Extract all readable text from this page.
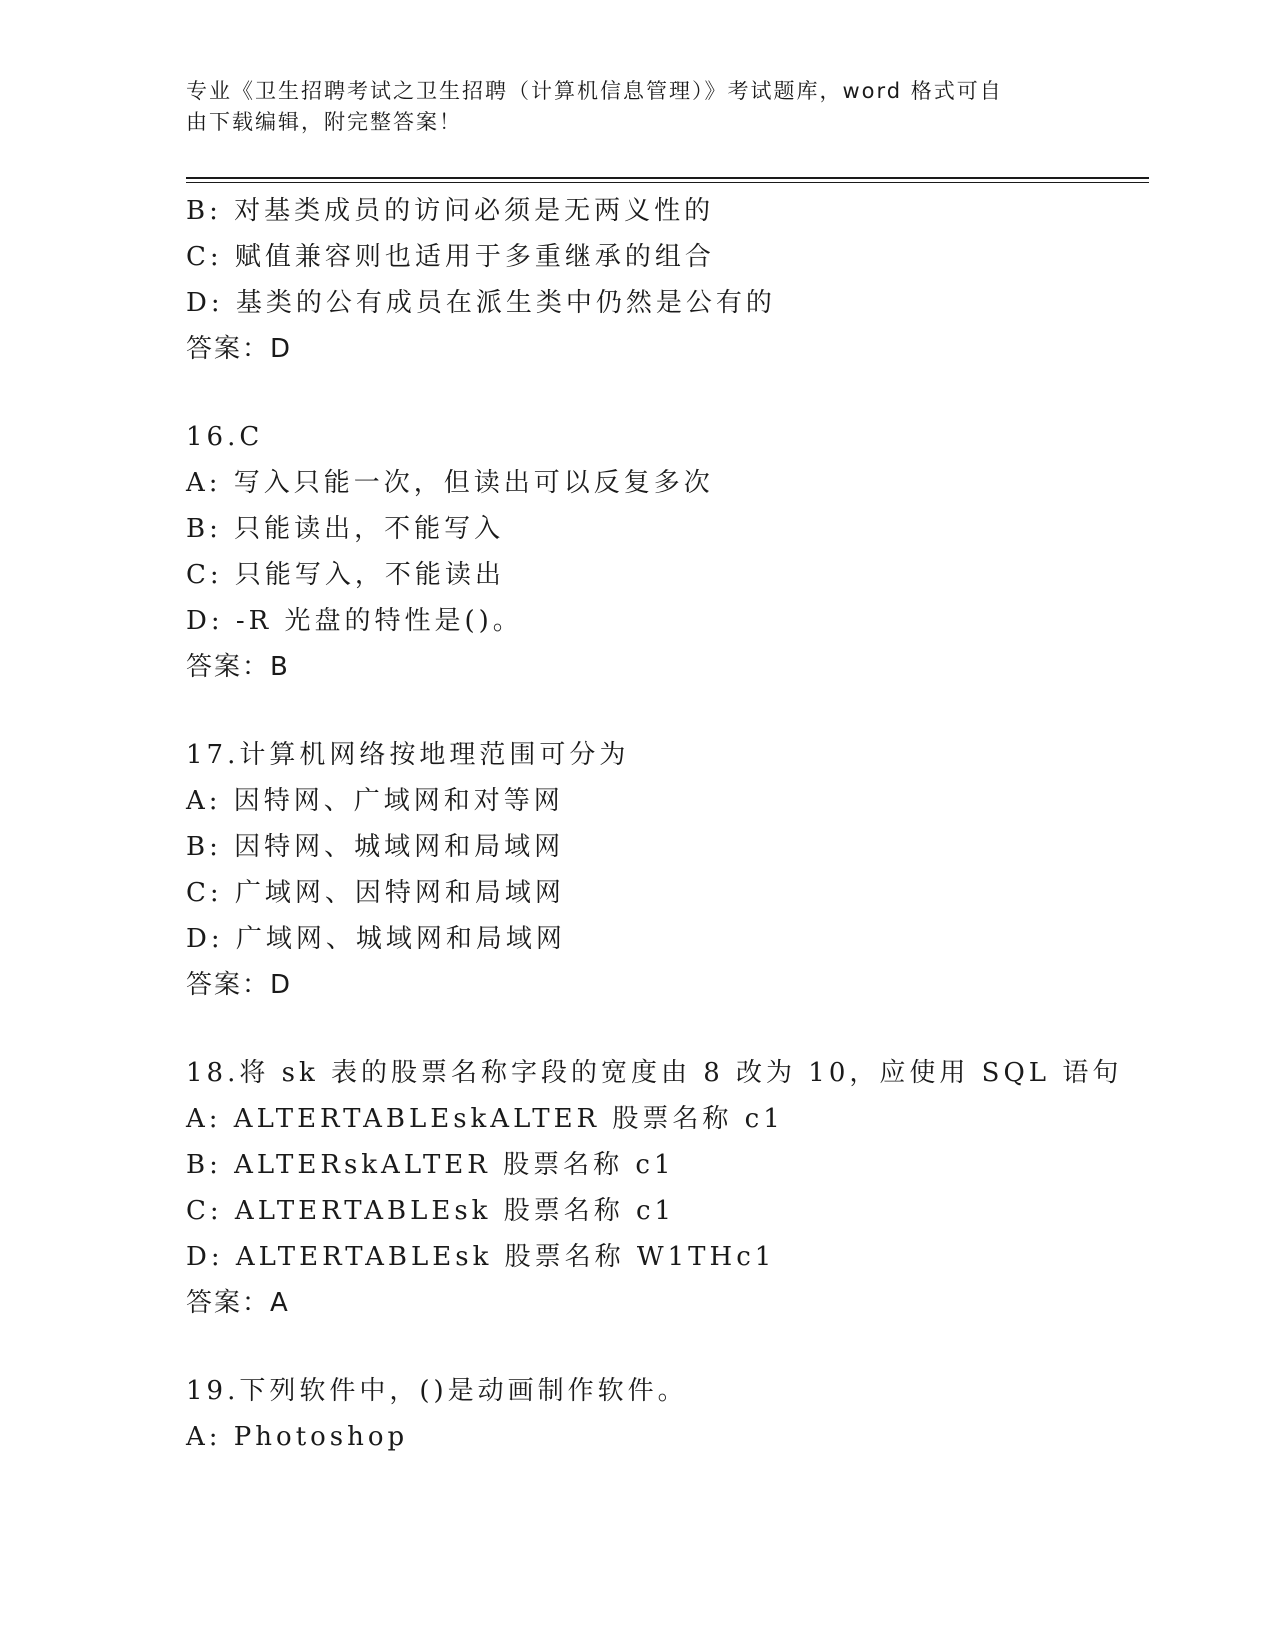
专业《卫生招聘考试之卫生招聘（计算机信息管理）》考试题库，word 格式可自
由下载编辑，附完整答案！
B: 对基类成员的访问必须是无两义性的
C: 赋值兼容则也适用于多重继承的组合
D: 基类的公有成员在派生类中仍然是公有的
答案：D
16.C
A: 写入只能一次，但读出可以反复多次
B: 只能读出，不能写入
C: 只能写入，不能读出
D: -R 光盘的特性是()。
答案：B
17.计算机网络按地理范围可分为
A: 因特网、广域网和对等网
B: 因特网、城域网和局域网
C: 广域网、因特网和局域网
D: 广域网、城域网和局域网
答案：D
18.将 sk 表的股票名称字段的宽度由 8 改为 10，应使用 SQL 语句
A: ALTERTABLEskALTER 股票名称 c1
B: ALTERskALTER 股票名称 c1
C: ALTERTABLEsk 股票名称 c1
D: ALTERTABLEsk 股票名称 W1THc1
答案：A
19.下列软件中，()是动画制作软件。
A: Photoshop
